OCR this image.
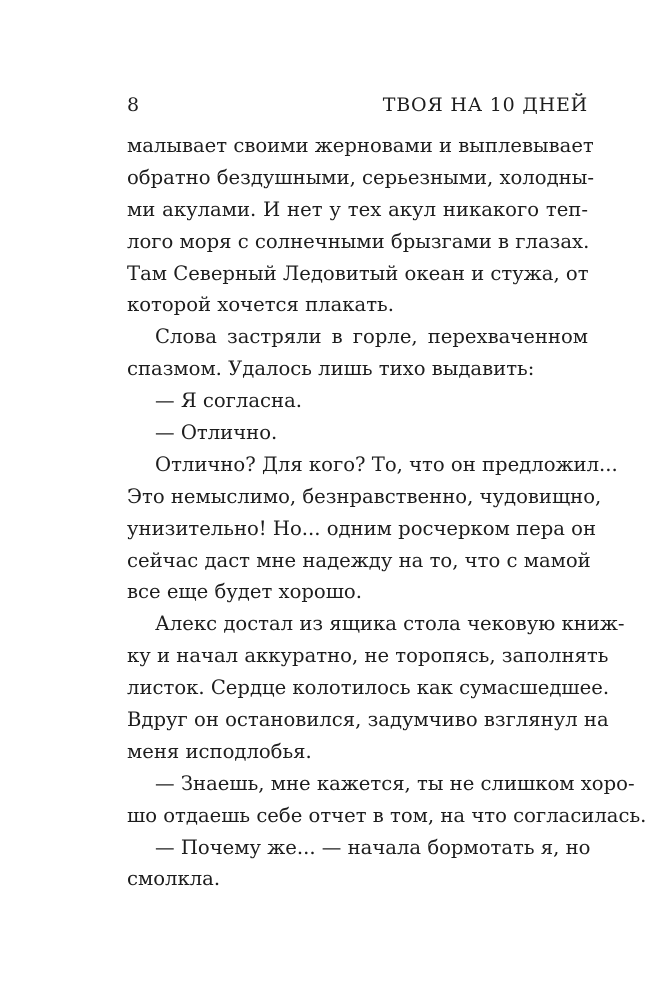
8	ТВОЯ НА 10 ДНЕЙ
малывает своими жерновами и выплевывает
обратно бездушными, серьезными, холодны-
ми акулами. И нет у тех акул никакого теп-
лого моря с солнечными брызгами в глазах.
Там Северный Ледовитый океан и стужа, от
которой хочется плакать.
Слова застряли в горле, перехваченном
спазмом. Удалось лишь тихо выдавить:
— Я согласна.
— Отлично.
Отлично? Для кого? То, что он предложил...
Это немыслимо, безнравственно, чудовищно,
унизительно! Но... одним росчерком пера он
сейчас даст мне надежду на то, что с мамой
все еще будет хорошо.
Алекс достал из ящика стола чековую книж-
ку и начал аккуратно, не торопясь, заполнять
листок. Сердце колотилось как сумасшедшее.
Вдруг он остановился, задумчиво взглянул на
меня исподлобья.
— Знаешь, мне кажется, ты не слишком хоро-
шо отдаешь себе отчет в том, на что согласилась.
— Почему же... — начала бормотать я, но
смолкла.
